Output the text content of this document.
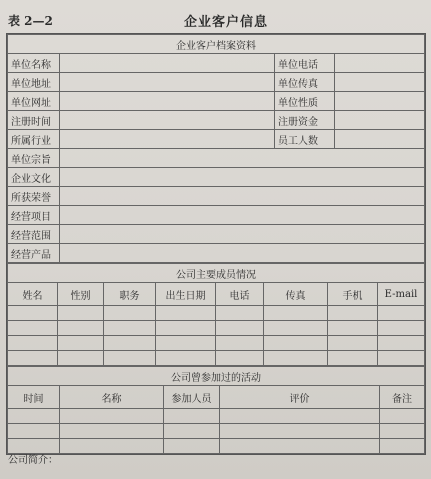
表 2—2	企业客户信息
企业客户档案资料			
单位名称		单位电话	
单位地址		单位传真	
单位网址		单位性质	
注册时间		注册资金	
所属行业		员工人数	
单位宗旨			
企业文化			
所获荣誉			
经营项目			
经营范围			
经营产品			
公司主要成员情况							
姓名	性别	职务	出生日期	电话	传真	手机	E-mail

公司曾参加过的活动				
时间	名称	参加人员	评价	备注

公司简介：
